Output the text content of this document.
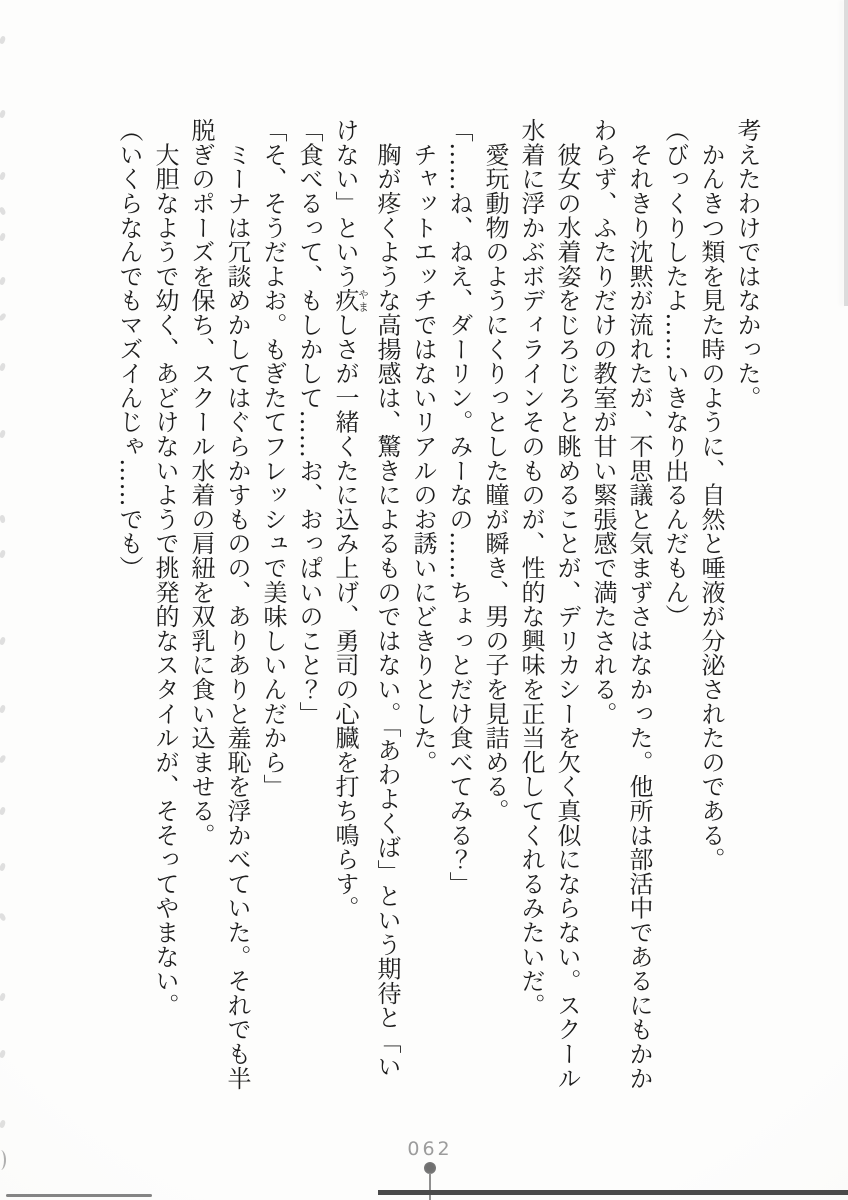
考えたわけではなかった。

　かんきつ類を見た時のように、自然と唾液が分泌されたのである。

（びっくりしたよ……いきなり出るんだもん）

　それきり沈黙が流れたが、不思議と気まずさはなかった。他所は部活中であるにもかか

わらず、ふたりだけの教室が甘い緊張感で満たされる。

　彼女の水着姿をじろじろと眺めることが、デリカシーを欠く真似にならない。スクール

水着に浮かぶボディラインそのものが、性的な興味を正当化してくれるみたいだ。

　愛玩動物のようにくりっとした瞳が瞬き、男の子を見詰める。

「……ね、ねえ、ダーリン。みーなの……ちょっとだけ食べてみる？」

　チャットエッチではないリアルのお誘いにどきりとした。

　胸が疼くような高揚感は、驚きによるものではない。「あわよくば」という期待と「い

けない」という疚やましさが一緒くたに込み上げ、勇司の心臓を打ち鳴らす。

「食べるって、もしかして……お、おっぱいのこと？」

「そ、そうだよお。もぎたてフレッシュで美味しいんだから」

　ミーナは冗談めかしてはぐらかすものの、ありありと羞恥を浮かべていた。それでも半

脱ぎのポーズを保ち、スクール水着の肩紐を双乳に食い込ませる。

　大胆なようで幼く、あどけないようで挑発的なスタイルが、そそってやまない。

（いくらなんでもマズイんじゃ……でも）

062
